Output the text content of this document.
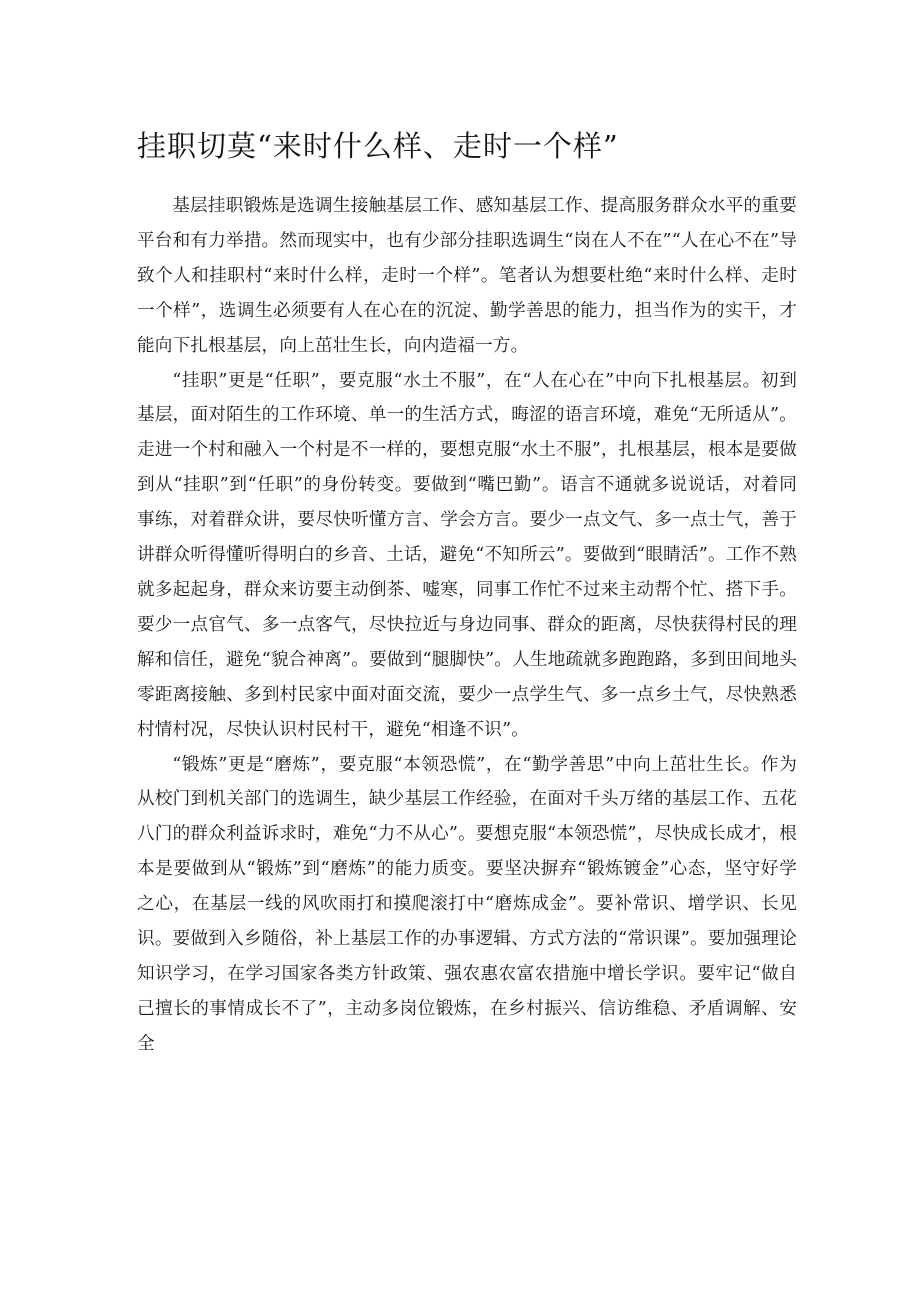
挂职切莫“来时什么样、走时一个样”

基层挂职锻炼是选调生接触基层工作、感知基层工作、提高服务群众水平的重要平台和有力举措。然而现实中，也有少部分挂职选调生“岗在人不在”“人在心不在”导致个人和挂职村“来时什么样，走时一个样”。笔者认为想要杜绝“来时什么样、走时一个样”，选调生必须要有人在心在的沉淀、勤学善思的能力，担当作为的实干，才能向下扎根基层，向上茁壮生长，向内造福一方。

“挂职”更是“任职”，要克服“水土不服”，在“人在心在”中向下扎根基层。初到基层，面对陌生的工作环境、单一的生活方式，晦涩的语言环境，难免“无所适从”。走进一个村和融入一个村是不一样的，要想克服“水土不服”，扎根基层，根本是要做到从“挂职”到“任职”的身份转变。要做到“嘴巴勤”。语言不通就多说说话，对着同事练，对着群众讲，要尽快听懂方言、学会方言。要少一点文气、多一点士气，善于讲群众听得懂听得明白的乡音、土话，避免“不知所云”。要做到“眼睛活”。工作不熟就多起起身，群众来访要主动倒茶、嘘寒，同事工作忙不过来主动帮个忙、搭下手。要少一点官气、多一点客气，尽快拉近与身边同事、群众的距离，尽快获得村民的理解和信任，避免“貌合神离”。要做到“腿脚快”。人生地疏就多跑跑路，多到田间地头零距离接触、多到村民家中面对面交流，要少一点学生气、多一点乡土气，尽快熟悉村情村况，尽快认识村民村干，避免“相逢不识”。

“锻炼”更是“磨炼”，要克服“本领恐慌”，在“勤学善思”中向上茁壮生长。作为从校门到机关部门的选调生，缺少基层工作经验，在面对千头万绪的基层工作、五花八门的群众利益诉求时，难免“力不从心”。要想克服“本领恐慌”，尽快成长成才，根本是要做到从“锻炼”到“磨炼”的能力质变。要坚决摒弃“锻炼镀金”心态，坚守好学之心，在基层一线的风吹雨打和摸爬滚打中“磨炼成金”。要补常识、增学识、长见识。要做到入乡随俗，补上基层工作的办事逻辑、方式方法的“常识课”。要加强理论知识学习，在学习国家各类方针政策、强农惠农富农措施中增长学识。要牢记“做自己擅长的事情成长不了”，主动多岗位锻炼，在乡村振兴、信访维稳、矛盾调解、安全
